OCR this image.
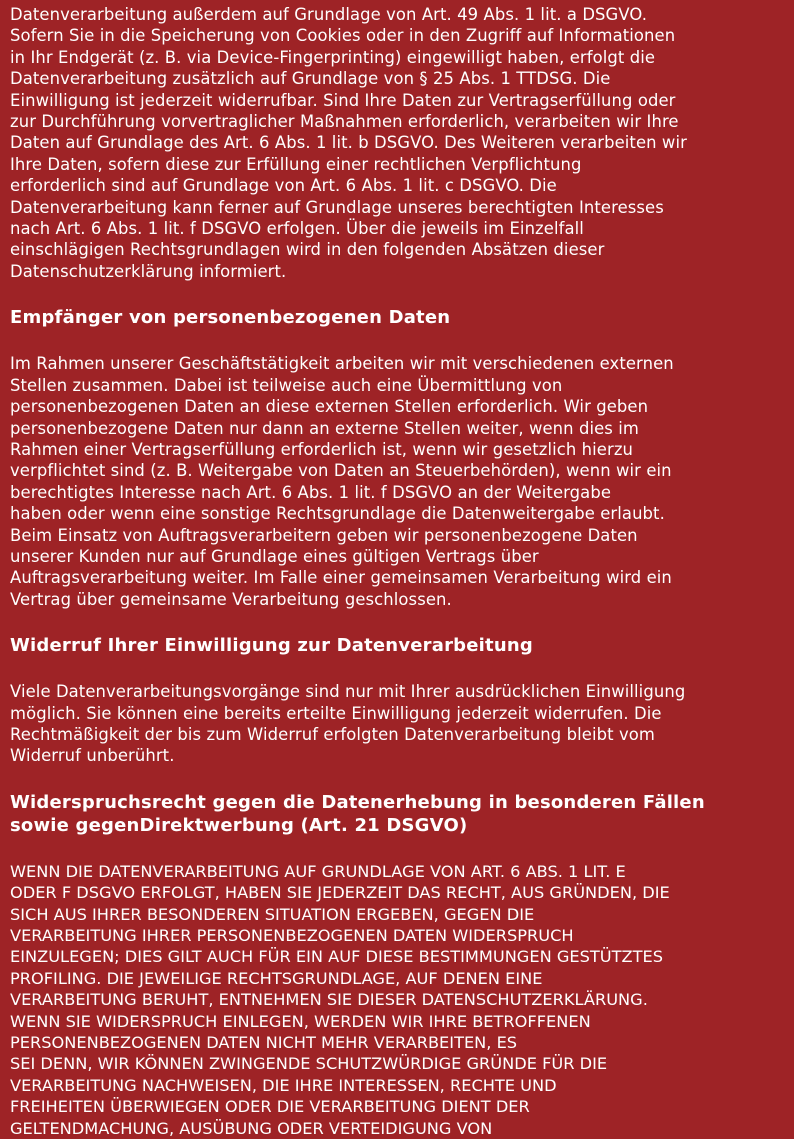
Datenverarbeitung außerdem auf Grundlage von Art. 49 Abs. 1 lit. a DSGVO.
Sofern Sie in die Speicherung von Cookies oder in den Zugriff auf Informationen
in Ihr Endgerät (z. B. via Device-Fingerprinting) eingewilligt haben, erfolgt die
Datenverarbeitung zusätzlich auf Grundlage von § 25 Abs. 1 TTDSG. Die
Einwilligung ist jederzeit widerrufbar. Sind Ihre Daten zur Vertragserfüllung oder
zur Durchführung vorvertraglicher Maßnahmen erforderlich, verarbeiten wir Ihre
Daten auf Grundlage des Art. 6 Abs. 1 lit. b DSGVO. Des Weiteren verarbeiten wir
Ihre Daten, sofern diese zur Erfüllung einer rechtlichen Verpflichtung
erforderlich sind auf Grundlage von Art. 6 Abs. 1 lit. c DSGVO. Die
Datenverarbeitung kann ferner auf Grundlage unseres berechtigten Interesses
nach Art. 6 Abs. 1 lit. f DSGVO erfolgen. Über die jeweils im Einzelfall
einschlägigen Rechtsgrundlagen wird in den folgenden Absätzen dieser
Datenschutzerklärung informiert.
Empfänger von personenbezogenen Daten
Im Rahmen unserer Geschäftstätigkeit arbeiten wir mit verschiedenen externen
Stellen zusammen. Dabei ist teilweise auch eine Übermittlung von
personenbezogenen Daten an diese externen Stellen erforderlich. Wir geben
personenbezogene Daten nur dann an externe Stellen weiter, wenn dies im
Rahmen einer Vertragserfüllung erforderlich ist, wenn wir gesetzlich hierzu
verpflichtet sind (z. B. Weitergabe von Daten an Steuerbehörden), wenn wir ein
berechtigtes Interesse nach Art. 6 Abs. 1 lit. f DSGVO an der Weitergabe
haben oder wenn eine sonstige Rechtsgrundlage die Datenweitergabe erlaubt.
Beim Einsatz von Auftragsverarbeitern geben wir personenbezogene Daten
unserer Kunden nur auf Grundlage eines gültigen Vertrags über
Auftragsverarbeitung weiter. Im Falle einer gemeinsamen Verarbeitung wird ein
Vertrag über gemeinsame Verarbeitung geschlossen.
Widerruf Ihrer Einwilligung zur Datenverarbeitung
Viele Datenverarbeitungsvorgänge sind nur mit Ihrer ausdrücklichen Einwilligung
möglich. Sie können eine bereits erteilte Einwilligung jederzeit widerrufen. Die
Rechtmäßigkeit der bis zum Widerruf erfolgten Datenverarbeitung bleibt vom
Widerruf unberührt.
Widerspruchsrecht gegen die Datenerhebung in besonderen Fällen
sowie gegenDirektwerbung (Art. 21 DSGVO)
WENN DIE DATENVERARBEITUNG AUF GRUNDLAGE VON ART. 6 ABS. 1 LIT. E
ODER F DSGVO ERFOLGT, HABEN SIE JEDERZEIT DAS RECHT, AUS GRÜNDEN, DIE
SICH AUS IHRER BESONDEREN SITUATION ERGEBEN, GEGEN DIE
VERARBEITUNG IHRER PERSONENBEZOGENEN DATEN WIDERSPRUCH
EINZULEGEN; DIES GILT AUCH FÜR EIN AUF DIESE BESTIMMUNGEN GESTÜTZTES
PROFILING. DIE JEWEILIGE RECHTSGRUNDLAGE, AUF DENEN EINE
VERARBEITUNG BERUHT, ENTNEHMEN SIE DIESER DATENSCHUTZERKLÄRUNG.
WENN SIE WIDERSPRUCH EINLEGEN, WERDEN WIR IHRE BETROFFENEN
PERSONENBEZOGENEN DATEN NICHT MEHR VERARBEITEN, ES
SEI DENN, WIR KÖNNEN ZWINGENDE SCHUTZWÜRDIGE GRÜNDE FÜR DIE
VERARBEITUNG NACHWEISEN, DIE IHRE INTERESSEN, RECHTE UND
FREIHEITEN ÜBERWIEGEN ODER DIE VERARBEITUNG DIENT DER
GELTENDMACHUNG, AUSÜBUNG ODER VERTEIDIGUNG VON
